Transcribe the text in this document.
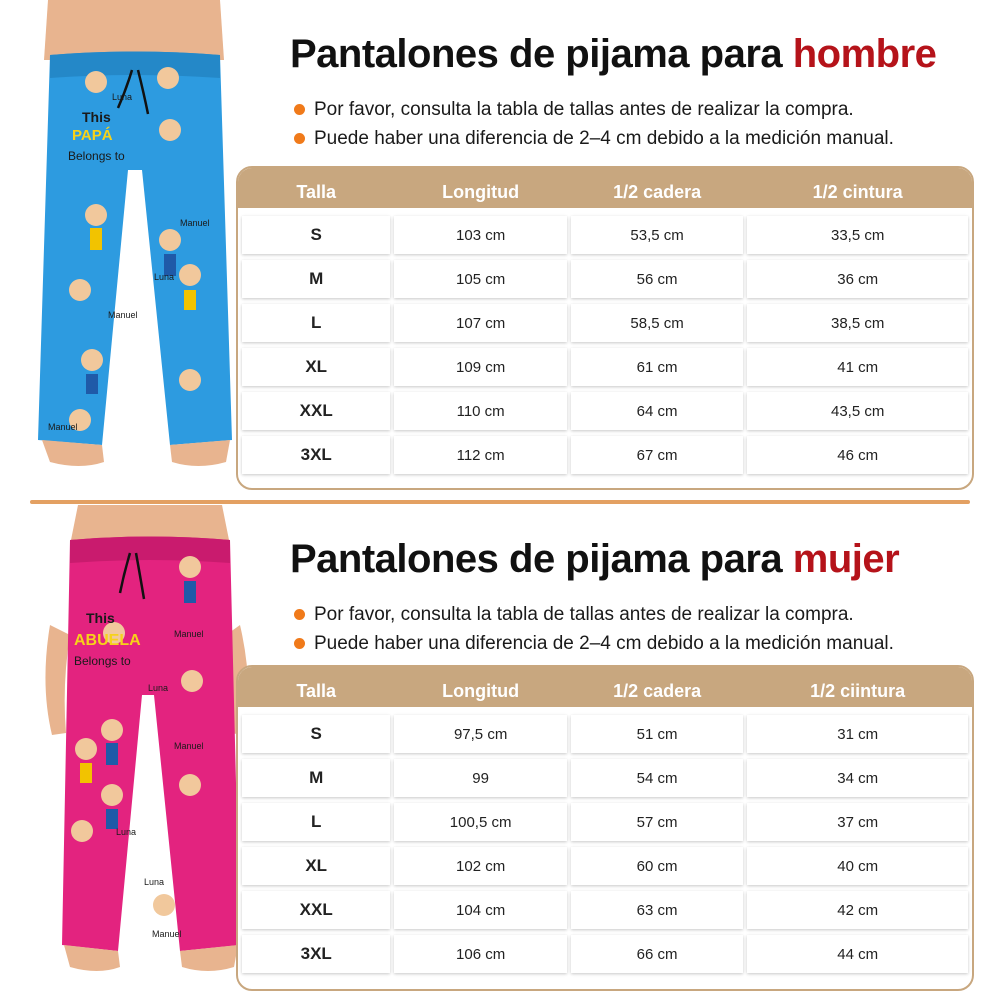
This
PAPÁ
Belongs to
Luna
Manuel
Luna
Manuel
Manuel
Pantalones de pijama para hombre
Por favor, consulta la tabla de tallas antes de realizar la compra.
Puede haber una diferencia de 2–4 cm debido a la medición manual.
Talla	Longitud	1/2 cadera	1/2 cintura
S	103 cm	53,5 cm	33,5 cm
M	105 cm	56 cm	36 cm
L	107 cm	58,5 cm	38,5 cm
XL	109 cm	61 cm	41 cm
XXL	110 cm	64 cm	43,5 cm
3XL	112 cm	67 cm	46 cm
This
ABUELA
Belongs to
Manuel
Luna
Manuel
Luna
Luna
Manuel
Pantalones de pijama para mujer
Por favor, consulta la tabla de tallas antes de realizar la compra.
Puede haber una diferencia de 2–4 cm debido a la medición manual.
Talla	Longitud	1/2 cadera	1/2 ciintura
S	97,5 cm	51 cm	31 cm
M	99	54 cm	34 cm
L	100,5 cm	57 cm	37 cm
XL	102 cm	60 cm	40 cm
XXL	104 cm	63 cm	42 cm
3XL	106 cm	66 cm	44 cm
